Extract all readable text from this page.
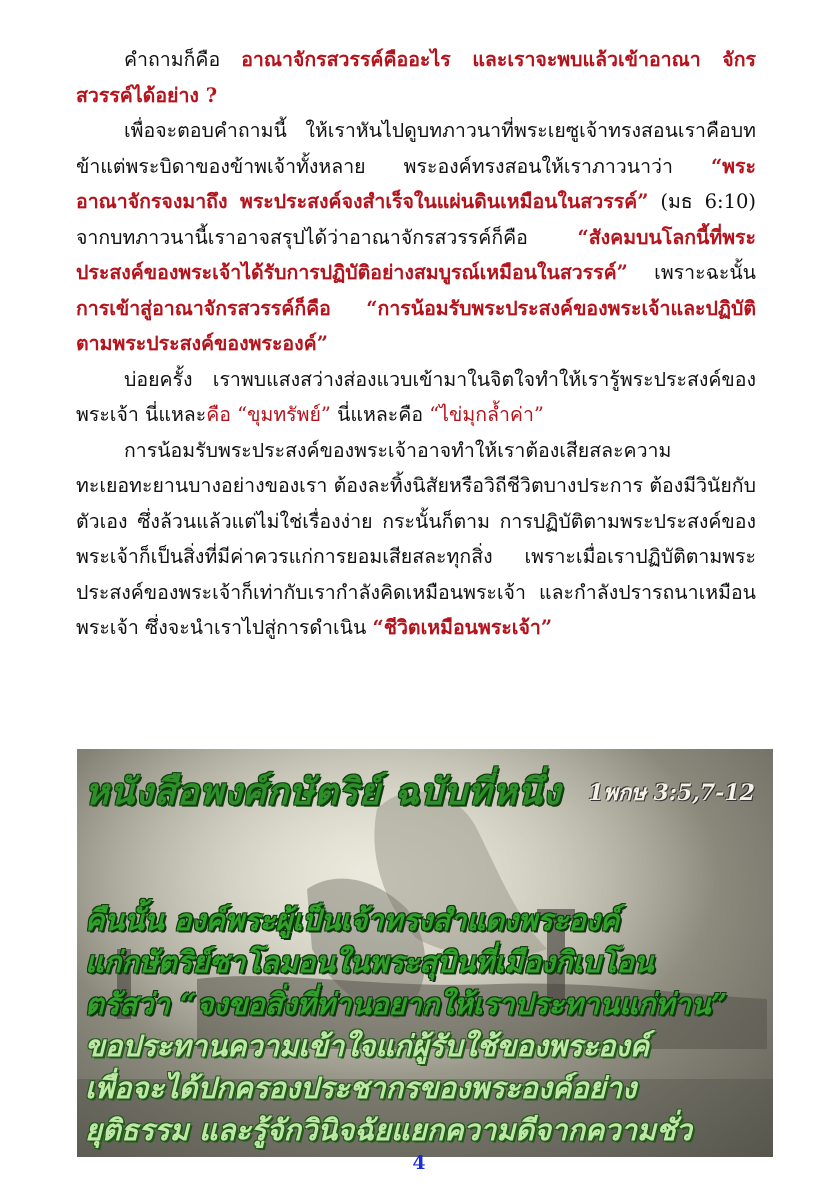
คำถามก็คือ อาณาจักรสวรรค์คืออะไร และเราจะพบแล้วเข้าอาณา จักรสวรรค์ได้อย่าง ?

เพื่อจะตอบคำถามนี้ ให้เราหันไปดูบทภาวนาที่พระเยซูเจ้าทรงสอนเราคือบทข้าแต่พระบิดาของข้าพเจ้าทั้งหลาย พระองค์ทรงสอนให้เราภาวนาว่า “พระอาณาจักรจงมาถึง พระประสงค์จงสำเร็จในแผ่นดินเหมือนในสวรรค์” (มธ 6:10) จากบทภาวนานี้เราอาจสรุปได้ว่าอาณาจักรสวรรค์ก็คือ “สังคมบนโลกนี้ที่พระประสงค์ของพระเจ้าได้รับการปฏิบัติอย่างสมบูรณ์เหมือนในสวรรค์” เพราะฉะนั้น การเข้าสู่อาณาจักรสวรรค์ก็คือ “การน้อมรับพระประสงค์ของพระเจ้าและปฏิบัติตามพระประสงค์ของพระองค์”

บ่อยครั้ง เราพบแสงสว่างส่องแวบเข้ามาในจิตใจทำให้เรารู้พระประสงค์ของพระเจ้า นี่แหละคือ “ขุมทรัพย์” นี่แหละคือ “ไข่มุกล้ำค่า”

การน้อมรับพระประสงค์ของพระเจ้าอาจทำให้เราต้องเสียสละความทะเยอทะยานบางอย่างของเรา ต้องละทิ้งนิสัยหรือวิถีชีวิตบางประการ ต้องมีวินัยกับตัวเอง ซึ่งล้วนแล้วแต่ไม่ใช่เรื่องง่าย กระนั้นก็ตาม การปฏิบัติตามพระประสงค์ของพระเจ้าก็เป็นสิ่งที่มีค่าควรแก่การยอมเสียสละทุกสิ่ง เพราะเมื่อเราปฏิบัติตามพระประสงค์ของพระเจ้าก็เท่ากับเรากำลังคิดเหมือนพระเจ้า และกำลังปรารถนาเหมือนพระเจ้า ซึ่งจะนำเราไปสู่การดำเนิน “ชีวิตเหมือนพระเจ้า”

หนังสือพงศ์กษัตริย์ ฉบับที่หนึ่ง 1พกษ 3:5,7-12
คืนนั้น องค์พระผู้เป็นเจ้าทรงสำแดงพระองค์
แก่กษัตริย์ซาโลมอนในพระสุบินที่เมืองกิเบโอน
ตรัสว่า “จงขอสิ่งที่ท่านอยากให้เราประทานแก่ท่าน”
ขอประทานความเข้าใจแก่ผู้รับใช้ของพระองค์
เพื่อจะได้ปกครองประชากรของพระองค์อย่าง
ยุติธรรม และรู้จักวินิจฉัยแยกความดีจากความชั่ว
4
